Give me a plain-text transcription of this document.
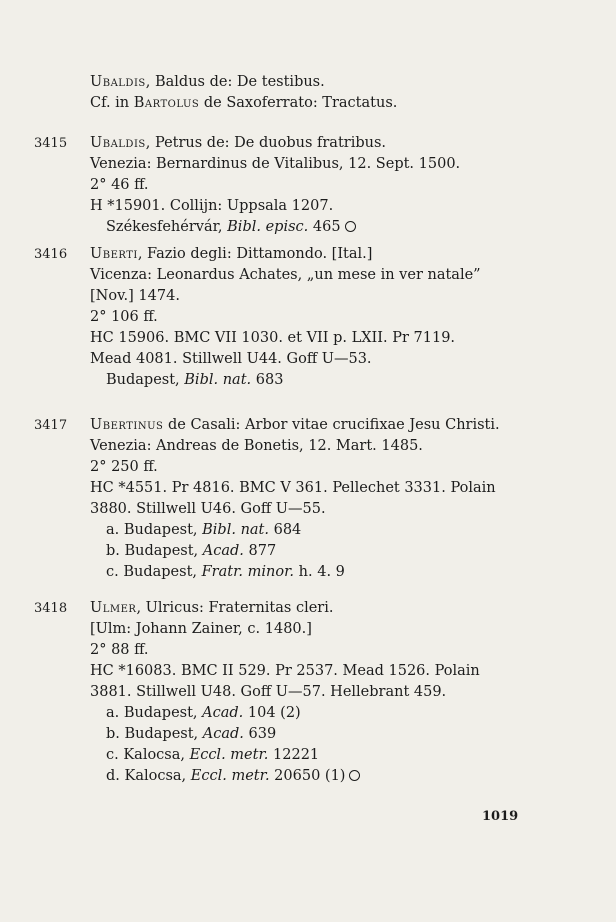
Ubaldis, Baldus de: De testibus.
Cf. in Bartolus de Saxoferrato: Tractatus.
3415 Ubaldis, Petrus de: De duobus fratribus.
Venezia: Bernardinus de Vitalibus, 12. Sept. 1500.
2° 46 ff.
H *15901. Collijn: Uppsala 1207.
Székesfehérvár, Bibl. episc. 465
3416 Uberti, Fazio degli: Dittamondo. [Ital.]
Vicenza: Leonardus Achates, „un mese in ver natale”
[Nov.] 1474.
2° 106 ff.
HC 15906. BMC VII 1030. et VII p. LXII. Pr 7119.
Mead 4081. Stillwell U44. Goff U—53.
Budapest, Bibl. nat. 683
3417 Ubertinus de Casali: Arbor vitae crucifixae Jesu Christi.
Venezia: Andreas de Bonetis, 12. Mart. 1485.
2° 250 ff.
HC *4551. Pr 4816. BMC V 361. Pellechet 3331. Polain
3880. Stillwell U46. Goff U—55.
a. Budapest, Bibl. nat. 684
b. Budapest, Acad. 877
c. Budapest, Fratr. minor. h. 4. 9
3418 Ulmer, Ulricus: Fraternitas cleri.
[Ulm: Johann Zainer, c. 1480.]
2° 88 ff.
HC *16083. BMC II 529. Pr 2537. Mead 1526. Polain
3881. Stillwell U48. Goff U—57. Hellebrant 459.
a. Budapest, Acad. 104 (2)
b. Budapest, Acad. 639
c. Kalocsa, Eccl. metr. 12221
d. Kalocsa, Eccl. metr. 20650 (1)
1019
